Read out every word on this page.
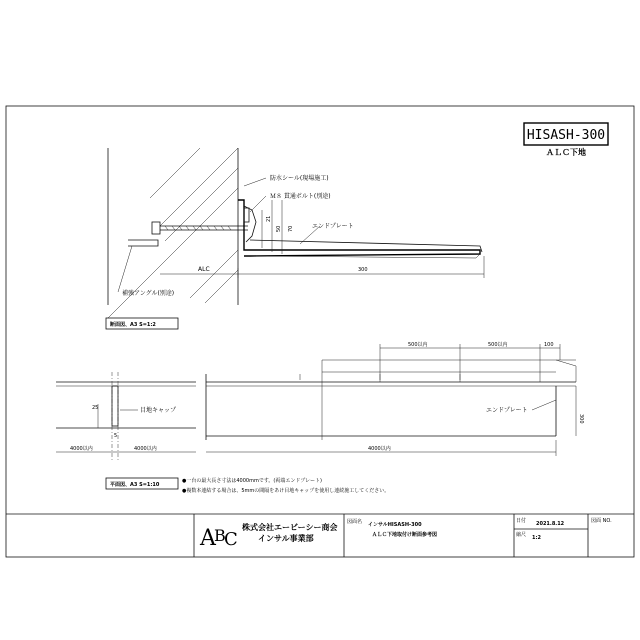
HISASH-300
ＡＬＣ下地
21
50 70
防水シール(現場施工)
Ｍ８ 貫通ボルト(別途)
エンドプレート
補強アングル(別途)
ALC	300
断面図、A3 S=1:2
25
5
目地キャップ
4000以内	4000以内
平面図、A3 S=1:10
500以内	500以内	100
300
エンドプレート
4000以内
●一台の最大長さ寸法は4000mmです。(両端エンドプレート)
●複数本連結する場合は、5mmの間隔をあけ目地キャップを使用し連続施工してください。
A
B
C
株式会社エービーシー商会
インサル事業部
図面名 インサルHISASH-300
ＡＬＣ下地取付け断面参考図
日付 2021.8.12
縮尺 1:2
図面 NO.
